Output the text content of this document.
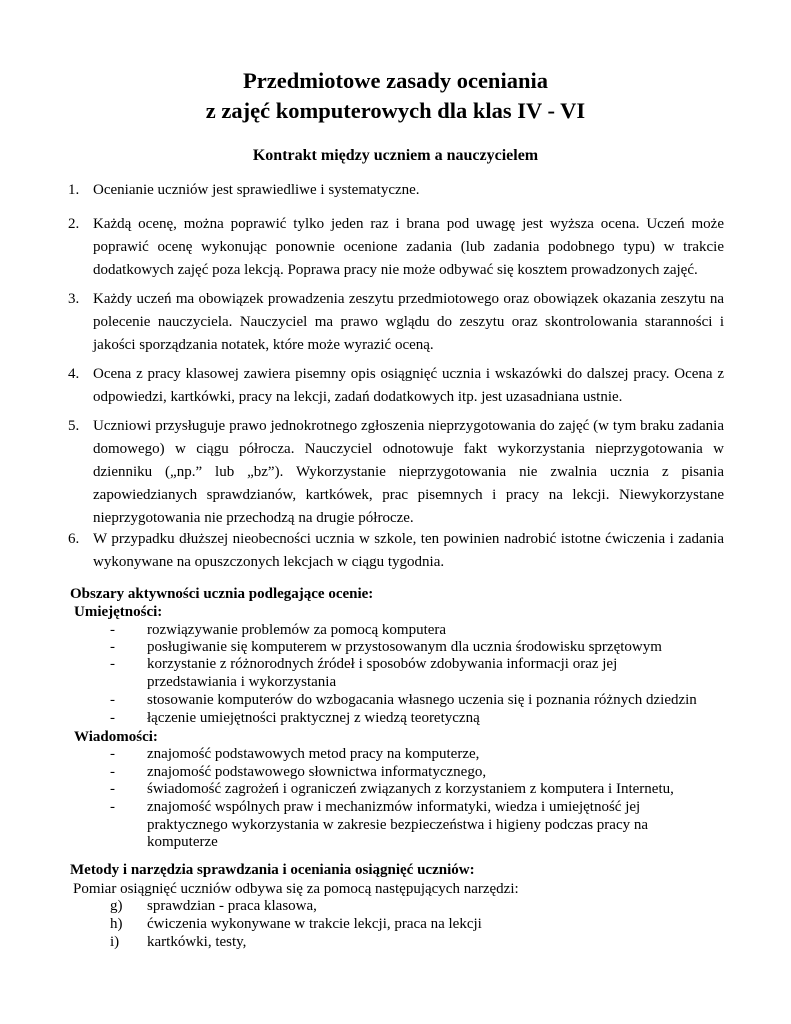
Przedmiotowe zasady oceniania
z zajęć komputerowych dla klas IV - VI
Kontrakt między uczniem a nauczycielem
1. Ocenianie uczniów jest sprawiedliwe i systematyczne.
2. Każdą ocenę, można poprawić tylko jeden raz i brana pod uwagę jest wyższa ocena. Uczeń może poprawić ocenę wykonując ponownie ocenione zadania (lub zadania podobnego typu) w trakcie dodatkowych zajęć poza lekcją. Poprawa pracy nie może odbywać się kosztem prowadzonych zajęć.
3. Każdy uczeń ma obowiązek prowadzenia zeszytu przedmiotowego oraz obowiązek okazania zeszytu na polecenie nauczyciela. Nauczyciel ma prawo wglądu do zeszytu oraz skontrolowania staranności i jakości sporządzania notatek, które może wyrazić oceną.
4. Ocena z pracy klasowej zawiera pisemny opis osiągnięć ucznia i wskazówki do dalszej pracy. Ocena z odpowiedzi, kartkówki, pracy na lekcji, zadań dodatkowych itp. jest uzasadniana ustnie.
5. Uczniowi przysługuje prawo jednokrotnego zgłoszenia nieprzygotowania do zajęć (w tym braku zadania domowego) w ciągu półrocza. Nauczyciel odnotowuje fakt wykorzystania nieprzygotowania w dzienniku („np.” lub „bz”). Wykorzystanie nieprzygotowania nie zwalnia ucznia z pisania zapowiedzianych sprawdzianów, kartkówek, prac pisemnych i pracy na lekcji. Niewykorzystane nieprzygotowania nie przechodzą na drugie półrocze.
6. W przypadku dłuższej nieobecności ucznia w szkole, ten powinien nadrobić istotne ćwiczenia i zadania wykonywane na opuszczonych lekcjach w ciągu tygodnia.
Obszary aktywności ucznia podlegające ocenie:
Umiejętności:
- rozwiązywanie problemów za pomocą komputera
- posługiwanie się komputerem w przystosowanym dla ucznia środowisku sprzętowym
- korzystanie z różnorodnych źródeł i sposobów zdobywania informacji oraz jej przedstawiania i wykorzystania
- stosowanie komputerów do wzbogacania własnego uczenia się i poznania różnych dziedzin
- łączenie umiejętności praktycznej z wiedzą teoretyczną
Wiadomości:
- znajomość podstawowych metod pracy na komputerze,
- znajomość podstawowego słownictwa informatycznego,
- świadomość zagrożeń i ograniczeń związanych z korzystaniem z komputera i Internetu,
- znajomość wspólnych praw i mechanizmów informatyki, wiedza i umiejętność jej praktycznego wykorzystania w zakresie bezpieczeństwa i higieny podczas pracy na komputerze
Metody i narzędzia sprawdzania i oceniania osiągnięć uczniów:
Pomiar osiągnięć uczniów odbywa się za pomocą następujących narzędzi:
g) sprawdzian - praca klasowa,
h) ćwiczenia wykonywane w trakcie lekcji, praca na lekcji
i) kartkówki, testy,
